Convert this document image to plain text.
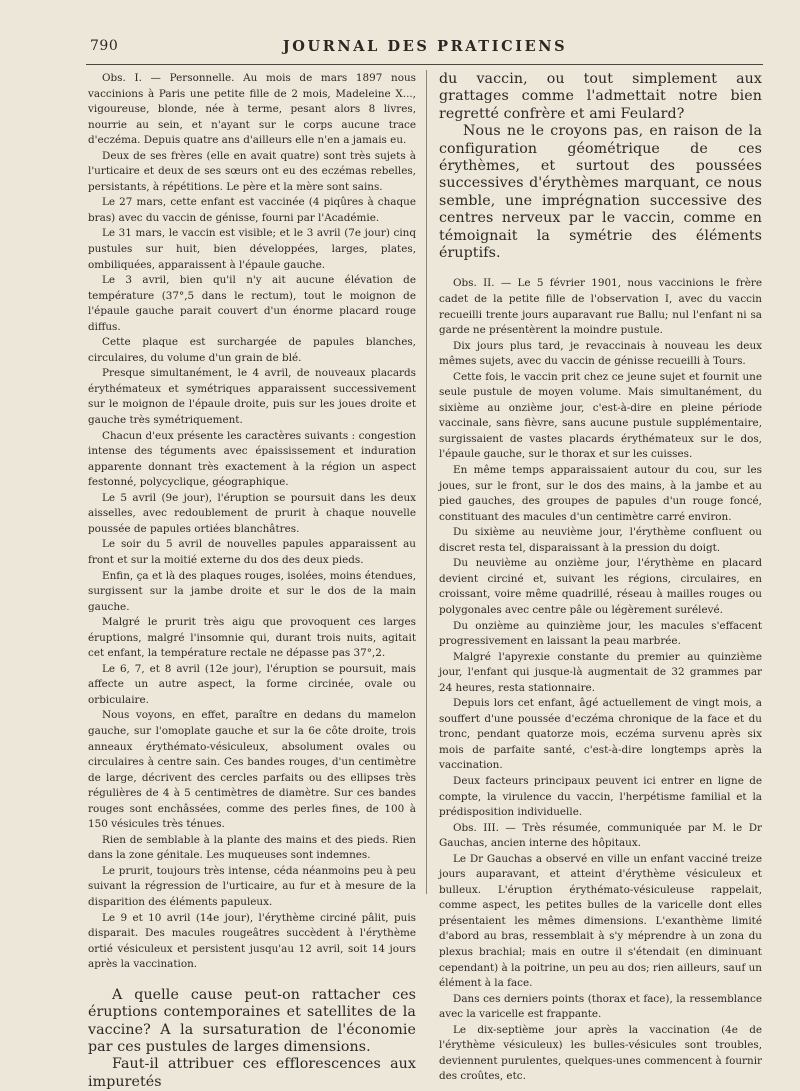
790	JOURNAL DES PRATICIENS

Obs. I. — Personnelle. Au mois de mars 1897 nous vaccinions à Paris une petite fille de 2 mois, Madeleine X..., vigoureuse, blonde, née à terme, pesant alors 8 livres, nourrie au sein, et n'ayant sur le corps aucune trace d'eczéma. Depuis quatre ans d'ailleurs elle n'en a jamais eu.

Deux de ses frères (elle en avait quatre) sont très sujets à l'urticaire et deux de ses sœurs ont eu des eczémas rebelles, persistants, à répétitions. Le père et la mère sont sains.

Le 27 mars, cette enfant est vaccinée (4 piqûres à chaque bras) avec du vaccin de génisse, fourni par l'Académie.

Le 31 mars, le vaccin est visible; et le 3 avril (7e jour) cinq pustules sur huit, bien développées, larges, plates, ombiliquées, apparaissent à l'épaule gauche.

Le 3 avril, bien qu'il n'y ait aucune élévation de température (37°,5 dans le rectum), tout le moignon de l'épaule gauche parait couvert d'un énorme placard rouge diffus.

Cette plaque est surchargée de papules blanches, circulaires, du volume d'un grain de blé.

Presque simultanément, le 4 avril, de nouveaux placards érythémateux et symétriques apparaissent successivement sur le moignon de l'épaule droite, puis sur les joues droite et gauche très symétriquement.

Chacun d'eux présente les caractères suivants : congestion intense des téguments avec épaississement et induration apparente donnant très exactement à la région un aspect festonné, polycyclique, géographique.

Le 5 avril (9e jour), l'éruption se poursuit dans les deux aisselles, avec redoublement de prurit à chaque nouvelle poussée de papules ortiées blanchâtres.

Le soir du 5 avril de nouvelles papules apparaissent au front et sur la moitié externe du dos des deux pieds.

Enfin, ça et là des plaques rouges, isolées, moins étendues, surgissent sur la jambe droite et sur le dos de la main gauche.

Malgré le prurit très aigu que provoquent ces larges éruptions, malgré l'insomnie qui, durant trois nuits, agitait cet enfant, la température rectale ne dépasse pas 37°,2.

Le 6, 7, et 8 avril (12e jour), l'éruption se poursuit, mais affecte un autre aspect, la forme circinée, ovale ou orbiculaire.

Nous voyons, en effet, paraître en dedans du mamelon gauche, sur l'omoplate gauche et sur la 6e côte droite, trois anneaux érythémato-vésiculeux, absolument ovales ou circulaires à centre sain. Ces bandes rouges, d'un centimètre de large, décrivent des cercles parfaits ou des ellipses très régulières de 4 à 5 centimètres de diamètre. Sur ces bandes rouges sont enchâssées, comme des perles fines, de 100 à 150 vésicules très ténues.

Rien de semblable à la plante des mains et des pieds. Rien dans la zone génitale. Les muqueuses sont indemnes.

Le prurit, toujours très intense, céda néanmoins peu à peu suivant la régression de l'urticaire, au fur et à mesure de la disparition des éléments papuleux.

Le 9 et 10 avril (14e jour), l'érythème circiné pâlit, puis disparait. Des macules rougeâtres succèdent à l'érythème ortié vésiculeux et persistent jusqu'au 12 avril, soit 14 jours après la vaccination.

A quelle cause peut-on rattacher ces éruptions contemporaines et satellites de la vaccine? A la sursaturation de l'économie par ces pustules de larges dimensions.

Faut-il attribuer ces efflorescences aux impuretés

du vaccin, ou tout simplement aux grattages comme l'admettait notre bien regretté confrère et ami Feulard?

Nous ne le croyons pas, en raison de la configuration géométrique de ces érythèmes, et surtout des poussées successives d'érythèmes marquant, ce nous semble, une imprégnation successive des centres nerveux par le vaccin, comme en témoignait la symétrie des éléments éruptifs.

Obs. II. — Le 5 février 1901, nous vaccinions le frère cadet de la petite fille de l'observation I, avec du vaccin recueilli trente jours auparavant rue Ballu; nul l'enfant ni sa garde ne présentèrent la moindre pustule.

Dix jours plus tard, je revaccinais à nouveau les deux mêmes sujets, avec du vaccin de génisse recueilli à Tours.

Cette fois, le vaccin prit chez ce jeune sujet et fournit une seule pustule de moyen volume. Mais simultanément, du sixième au onzième jour, c'est-à-dire en pleine période vaccinale, sans fièvre, sans aucune pustule supplémentaire, surgissaient de vastes placards érythémateux sur le dos, l'épaule gauche, sur le thorax et sur les cuisses.

En même temps apparaissaient autour du cou, sur les joues, sur le front, sur le dos des mains, à la jambe et au pied gauches, des groupes de papules d'un rouge foncé, constituant des macules d'un centimètre carré environ.

Du sixième au neuvième jour, l'érythème confluent ou discret resta tel, disparaissant à la pression du doigt.

Du neuvième au onzième jour, l'érythème en placard devient circiné et, suivant les régions, circulaires, en croissant, voire même quadrillé, réseau à mailles rouges ou polygonales avec centre pâle ou légèrement surélevé.

Du onzième au quinzième jour, les macules s'effacent progressivement en laissant la peau marbrée.

Malgré l'apyrexie constante du premier au quinzième jour, l'enfant qui jusque-là augmentait de 32 grammes par 24 heures, resta stationnaire.

Depuis lors cet enfant, âgé actuellement de vingt mois, a souffert d'une poussée d'eczéma chronique de la face et du tronc, pendant quatorze mois, eczéma survenu après six mois de parfaite santé, c'est-à-dire longtemps après la vaccination.

Deux facteurs principaux peuvent ici entrer en ligne de compte, la virulence du vaccin, l'herpétisme familial et la prédisposition individuelle.

Obs. III. — Très résumée, communiquée par M. le Dr Gauchas, ancien interne des hôpitaux.

Le Dr Gauchas a observé en ville un enfant vacciné treize jours auparavant, et atteint d'érythème vésiculeux et bulleux. L'éruption érythémato-vésiculeuse rappelait, comme aspect, les petites bulles de la varicelle dont elles présentaient les mêmes dimensions. L'exanthème limité d'abord au bras, ressemblait à s'y méprendre à un zona du plexus brachial; mais en outre il s'étendait (en diminuant cependant) à la poitrine, un peu au dos; rien ailleurs, sauf un élément à la face.

Dans ces derniers points (thorax et face), la ressemblance avec la varicelle est frappante.

Le dix-septième jour après la vaccination (4e de l'érythème vésiculeux) les bulles-vésicules sont troubles, deviennent purulentes, quelques-unes commencent à fournir des croûtes, etc.
